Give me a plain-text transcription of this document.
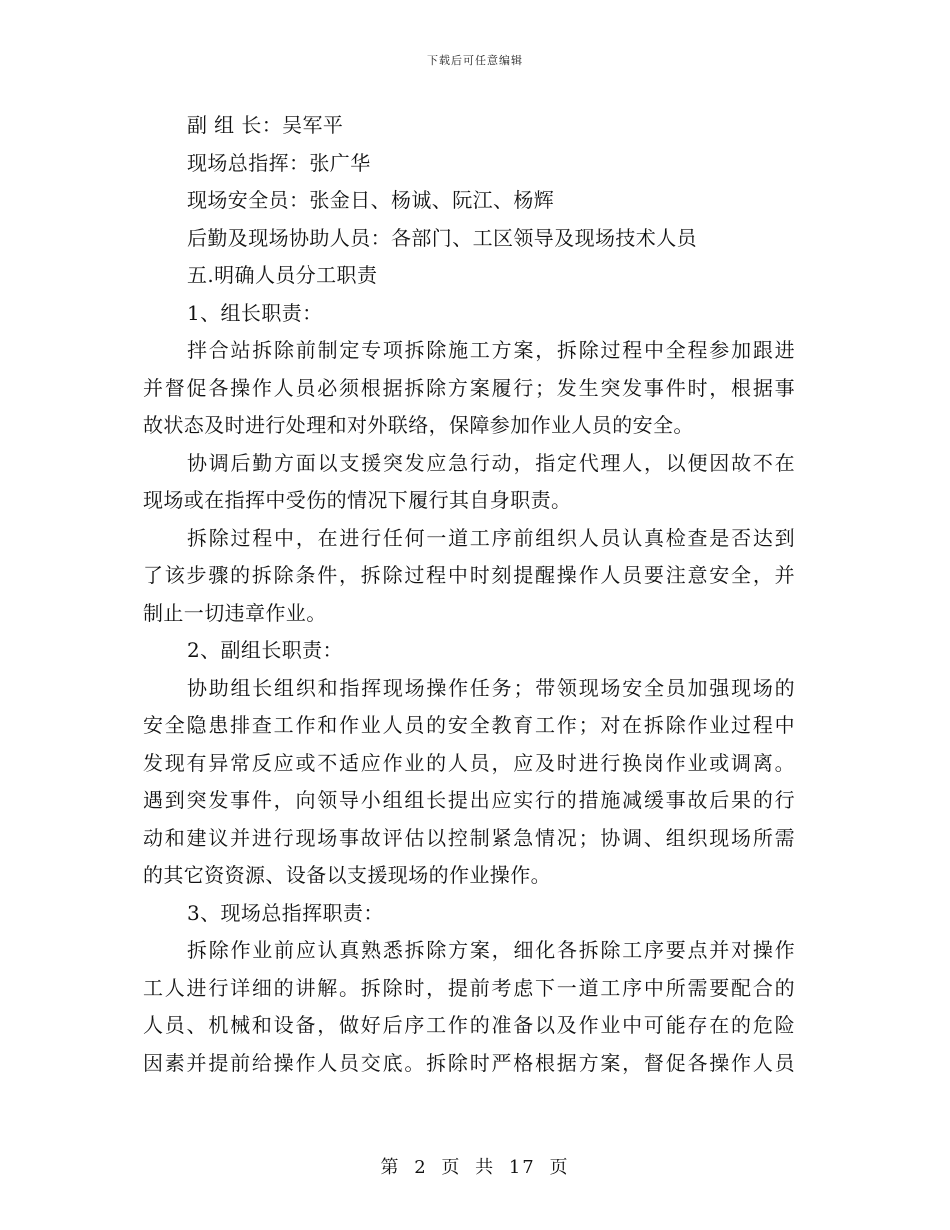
下载后可任意编辑
副 组 长：吴军平
现场总指挥：张广华
现场安全员：张金日、杨诚、阮江、杨辉
后勤及现场协助人员：各部门、工区领导及现场技术人员
五.明确人员分工职责
1、组长职责：
拌合站拆除前制定专项拆除施工方案，拆除过程中全程参加跟进
并督促各操作人员必须根据拆除方案履行；发生突发事件时，根据事
故状态及时进行处理和对外联络，保障参加作业人员的安全。
协调后勤方面以支援突发应急行动，指定代理人，以便因故不在
现场或在指挥中受伤的情况下履行其自身职责。
拆除过程中，在进行任何一道工序前组织人员认真检查是否达到
了该步骤的拆除条件，拆除过程中时刻提醒操作人员要注意安全，并
制止一切违章作业。
2、副组长职责：
协助组长组织和指挥现场操作任务；带领现场安全员加强现场的
安全隐患排查工作和作业人员的安全教育工作；对在拆除作业过程中
发现有异常反应或不适应作业的人员，应及时进行换岗作业或调离。
遇到突发事件，向领导小组组长提出应实行的措施减缓事故后果的行
动和建议并进行现场事故评估以控制紧急情况；协调、组织现场所需
的其它资资源、设备以支援现场的作业操作。
3、现场总指挥职责：
拆除作业前应认真熟悉拆除方案，细化各拆除工序要点并对操作
工人进行详细的讲解。拆除时，提前考虑下一道工序中所需要配合的
人员、机械和设备，做好后序工作的准备以及作业中可能存在的危险
因素并提前给操作人员交底。拆除时严格根据方案，督促各操作人员
第 2 页 共 17 页
